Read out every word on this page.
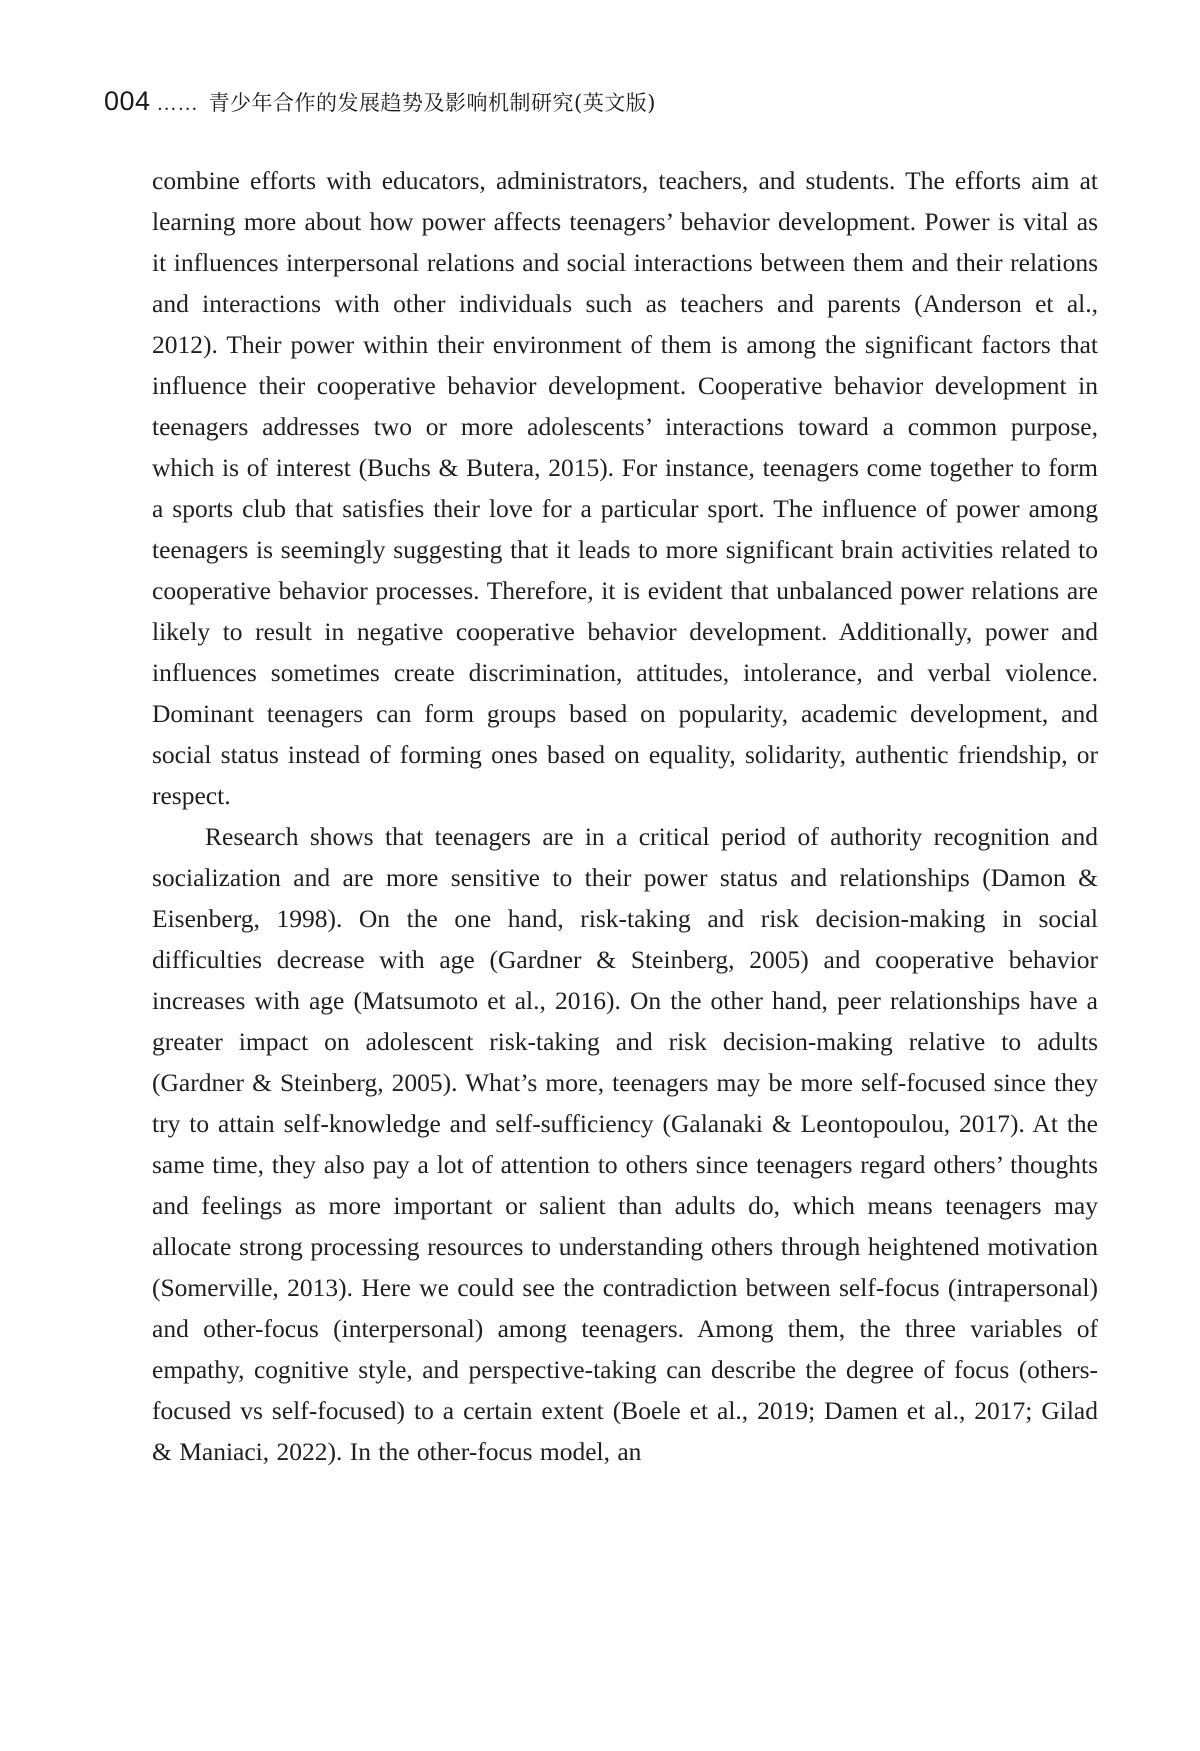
004 …… 青少年合作的发展趋势及影响机制研究(英文版)

combine efforts with educators, administrators, teachers, and students. The efforts aim at learning more about how power affects teenagers’ behavior development. Power is vital as it influences interpersonal relations and social interactions between them and their relations and interactions with other individuals such as teachers and parents (Anderson et al., 2012). Their power within their environment of them is among the significant factors that influence their cooperative behavior development. Cooperative behavior development in teenagers addresses two or more adolescents’ interactions toward a common purpose, which is of interest (Buchs & Butera, 2015). For instance, teenagers come together to form a sports club that satisfies their love for a particular sport. The influence of power among teenagers is seemingly suggesting that it leads to more significant brain activities related to cooperative behavior processes. Therefore, it is evident that unbalanced power relations are likely to result in negative cooperative behavior development. Additionally, power and influences sometimes create discrimination, attitudes, intolerance, and verbal violence. Dominant teenagers can form groups based on popularity, academic development, and social status instead of forming ones based on equality, solidarity, authentic friendship, or respect.

Research shows that teenagers are in a critical period of authority recognition and socialization and are more sensitive to their power status and relationships (Damon & Eisenberg, 1998). On the one hand, risk-taking and risk decision-making in social difficulties decrease with age (Gardner & Steinberg, 2005) and cooperative behavior increases with age (Matsumoto et al., 2016). On the other hand, peer relationships have a greater impact on adolescent risk-taking and risk decision-making relative to adults (Gardner & Steinberg, 2005). What’s more, teenagers may be more self-focused since they try to attain self-knowledge and self-sufficiency (Galanaki & Leontopoulou, 2017). At the same time, they also pay a lot of attention to others since teenagers regard others’ thoughts and feelings as more important or salient than adults do, which means teenagers may allocate strong processing resources to understanding others through heightened motivation (Somerville, 2013). Here we could see the contradiction between self-focus (intrapersonal) and other-focus (interpersonal) among teenagers. Among them, the three variables of empathy, cognitive style, and perspective-taking can describe the degree of focus (others-focused vs self-focused) to a certain extent (Boele et al., 2019; Damen et al., 2017; Gilad & Maniaci, 2022). In the other-focus model, an
